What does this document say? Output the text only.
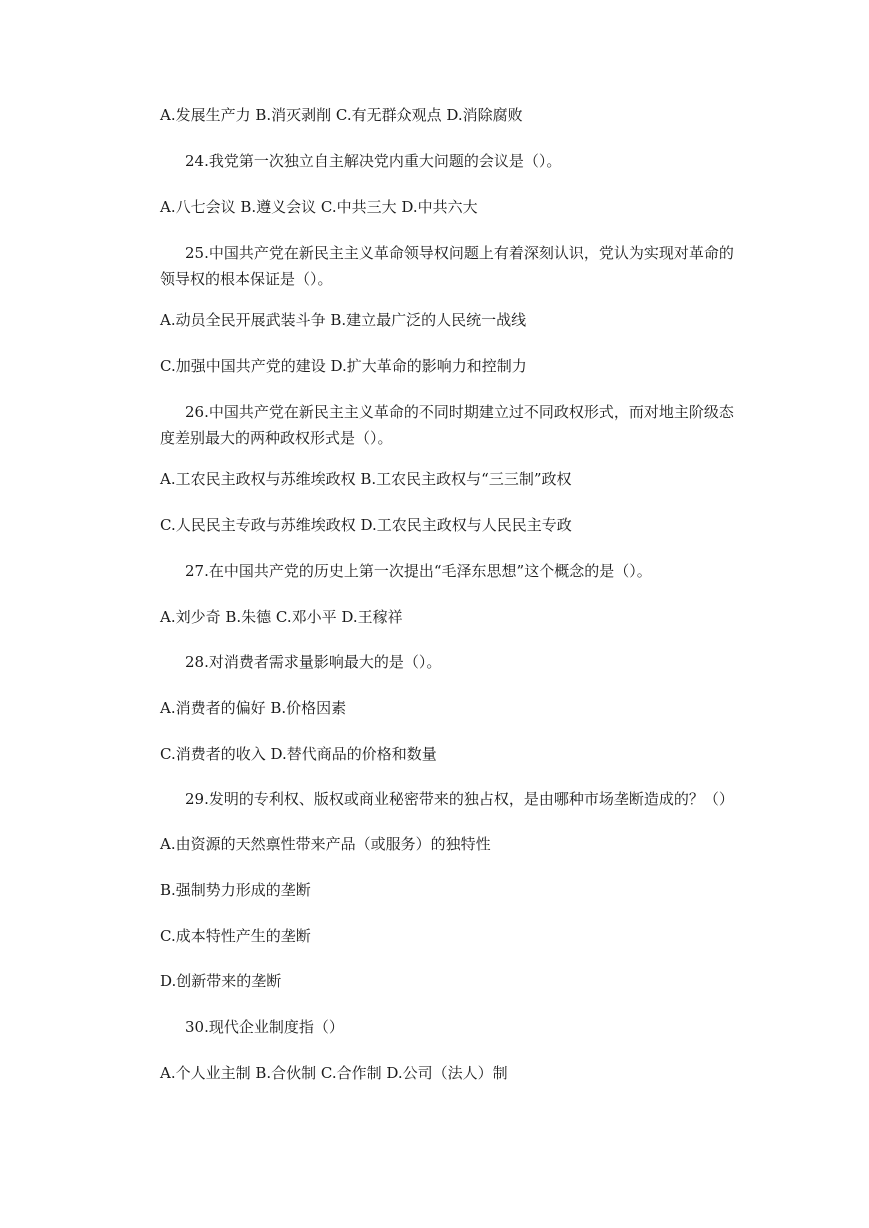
A.发展生产力 B.消灭剥削 C.有无群众观点 D.消除腐败
24.我党第一次独立自主解决党内重大问题的会议是（）。
A.八七会议 B.遵义会议 C.中共三大 D.中共六大
25.中国共产党在新民主主义革命领导权问题上有着深刻认识，党认为实现对革命的领导权的根本保证是（）。
A.动员全民开展武装斗争 B.建立最广泛的人民统一战线
C.加强中国共产党的建设 D.扩大革命的影响力和控制力
26.中国共产党在新民主主义革命的不同时期建立过不同政权形式，而对地主阶级态度差别最大的两种政权形式是（）。
A.工农民主政权与苏维埃政权 B.工农民主政权与“三三制”政权
C.人民民主专政与苏维埃政权 D.工农民主政权与人民民主专政
27.在中国共产党的历史上第一次提出“毛泽东思想”这个概念的是（）。
A.刘少奇 B.朱德 C.邓小平 D.王稼祥
28.对消费者需求量影响最大的是（）。
A.消费者的偏好 B.价格因素
C.消费者的收入 D.替代商品的价格和数量
29.发明的专利权、版权或商业秘密带来的独占权，是由哪种市场垄断造成的？（）
A.由资源的天然禀性带来产品（或服务）的独特性
B.强制势力形成的垄断
C.成本特性产生的垄断
D.创新带来的垄断
30.现代企业制度指（）
A.个人业主制 B.合伙制 C.合作制 D.公司（法人）制
